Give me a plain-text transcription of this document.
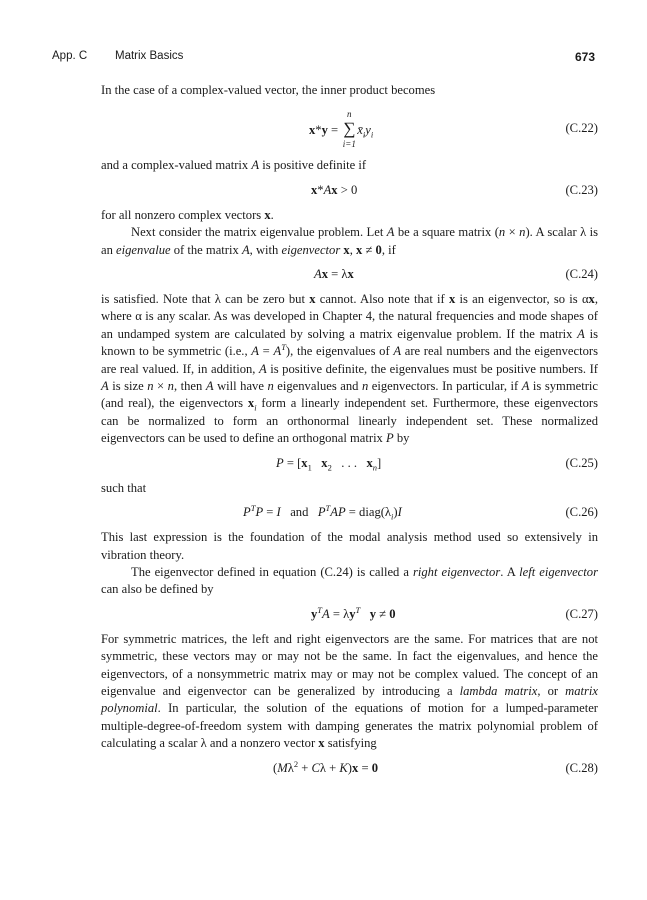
App. C Matrix Basics	673

In the case of a complex-valued vector, the inner product becomes

x*y =
n
∑
i=1
$x̄_iy_i$	(C.22)

and a complex-valued matrix A is positive definite if

x*Ax > 0	(C.23)

for all nonzero complex vectors x.

Next consider the matrix eigenvalue problem. Let A be a square matrix (n × n). A scalar λ is an eigenvalue of the matrix A, with eigenvector x, x ≠ 0, if

Ax = λx	(C.24)

is satisfied. Note that λ can be zero but x cannot. Also note that if x is an eigenvector, so is αx, where α is any scalar. As was developed in Chapter 4, the natural frequencies and mode shapes of an undamped system are calculated by solving a matrix eigenvalue problem. If the matrix A is known to be symmetric (i.e., $A = A^T$), the eigenvalues of A are real numbers and the eigenvectors are real valued. If, in addition, A is positive definite, the eigenvalues must be positive numbers. If A is size n × n, then A will have n eigenvalues and n eigenvectors. In particular, if A is symmetric (and real), the eigenvectors $x_i$ form a linearly independent set. Furthermore, these eigenvectors can be normalized to form an orthonormal linearly independent set. These normalized eigenvectors can be used to define an orthogonal matrix P by

$P = [x_1$ $x_2$   . . .   $x_n$]	(C.25)

such that

$P^TP = I$   and   $P^TAP$ = $diag(\lambda_i)I$	(C.26)

This last expression is the foundation of the modal analysis method used so extensively in vibration theory.

The eigenvector defined in equation (C.24) is called a right eigenvector. A left eigenvector can also be defined by

$y^TA = \lambda y^T$ y ≠ 0	(C.27)

For symmetric matrices, the left and right eigenvectors are the same. For matrices that are not symmetric, these vectors may or may not be the same. In fact the eigenvalues, and hence the eigenvectors, of a nonsymmetric matrix may or may not be complex valued. The concept of an eigenvalue and eigenvector can be generalized by introducing a lambda matrix, or matrix polynomial. In particular, the solution of the equations of motion for a lumped-parameter multiple-degree-of-freedom system with damping generates the matrix polynomial problem of calculating a scalar λ and a nonzero vector x satisfying

$(M\lambda^2 + C\lambda + K)x = 0$	(C.28)
